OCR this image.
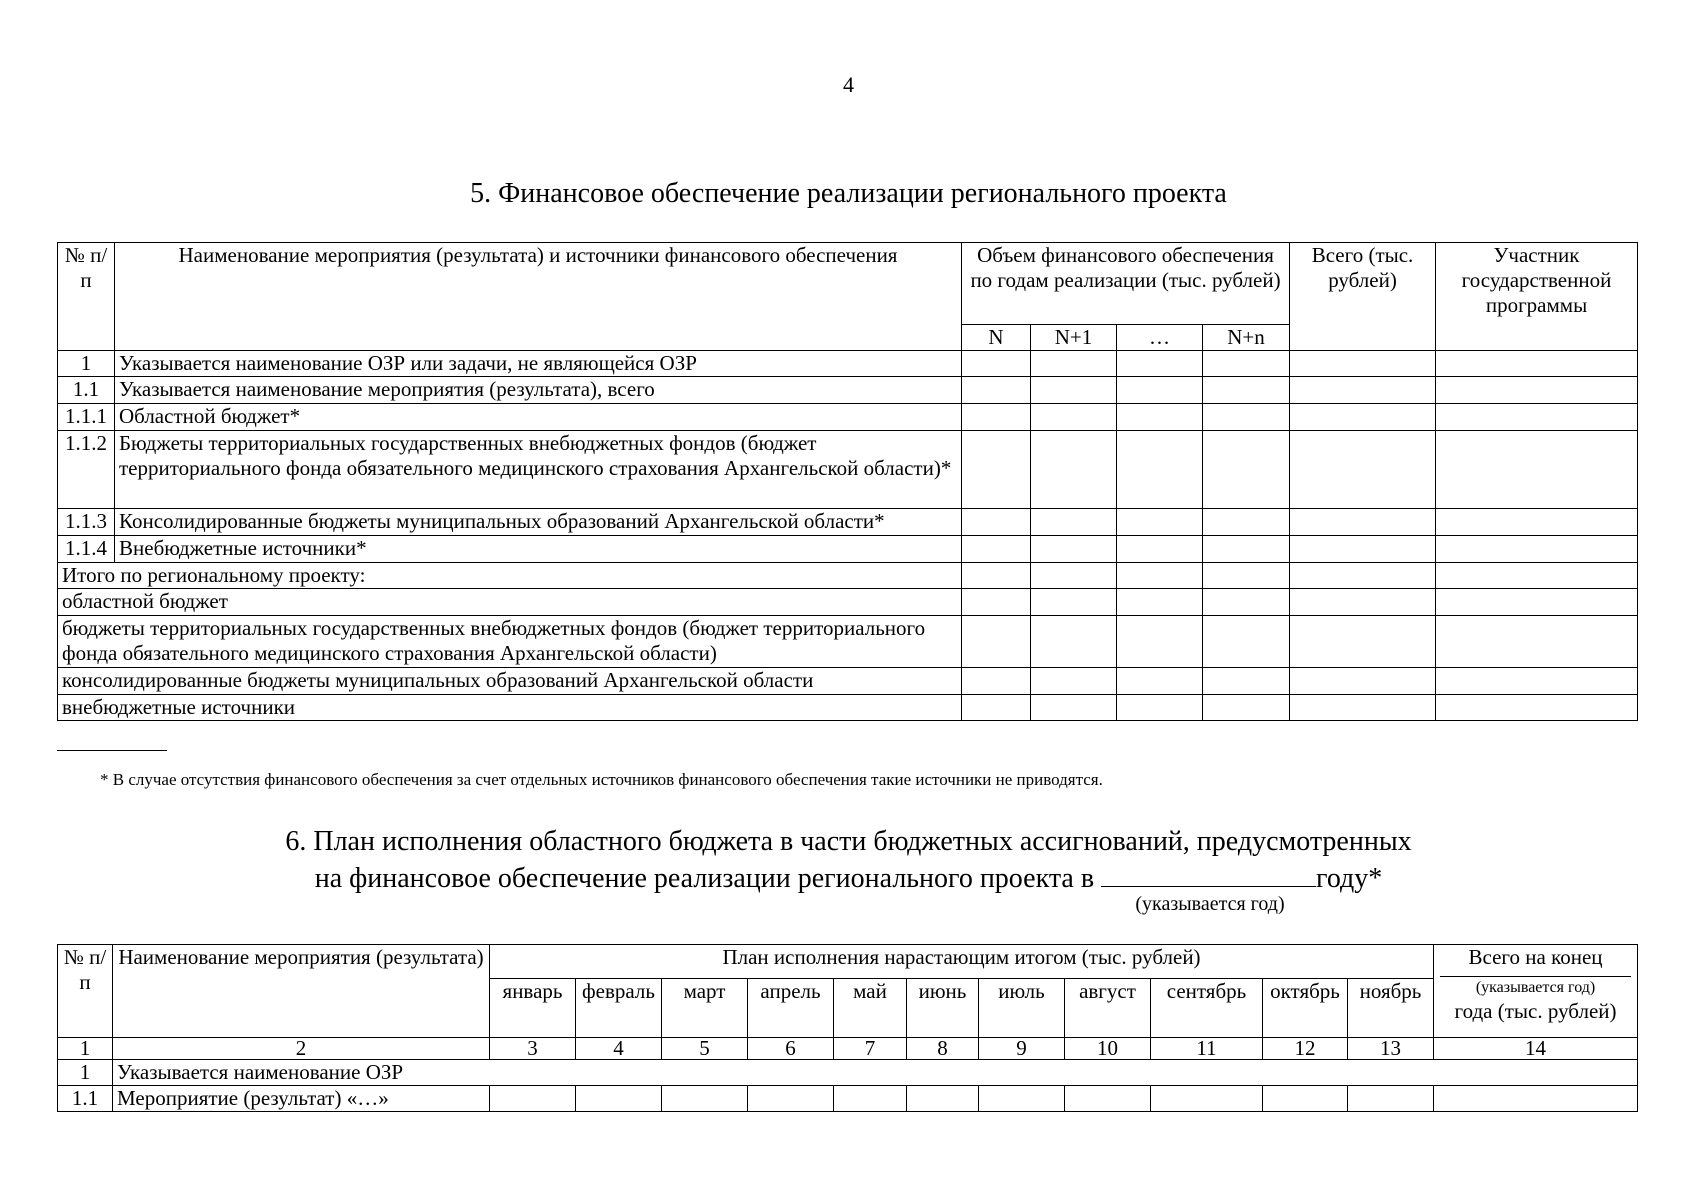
4
5. Финансовое обеспечение реализации регионального проекта
№ п/п	Наименование мероприятия (результата) и источники финансового обеспечения	Объем финансового обеспечения по годам реализации (тыс. рублей)				Всего (тыс. рублей)	Участник государственной программы
		N	N+1	…	N+n		
1	Указывается наименование ОЗР или задачи, не являющейся ОЗР						
1.1	Указывается наименование мероприятия (результата), всего						
1.1.1	Областной бюджет*						
1.1.2	Бюджеты территориальных государственных внебюджетных фондов (бюджет территориального фонда обязательного медицинского страхования Архангельской области)*						
1.1.3	Консолидированные бюджеты муниципальных образований Архангельской области*						
1.1.4	Внебюджетные источники*						
Итого по региональному проекту:							
областной бюджет							
бюджеты территориальных государственных внебюджетных фондов (бюджет территориального фонда обязательного медицинского страхования Архангельской области)							
консолидированные бюджеты муниципальных образований Архангельской области							
внебюджетные источники							
* В случае отсутствия финансового обеспечения за счет отдельных источников финансового обеспечения такие источники не приводятся.
6. План исполнения областного бюджета в части бюджетных ассигнований, предусмотренных
на финансовое обеспечение реализации регионального проекта в	году*
(указывается год)
№ п/п	Наименование мероприятия (результата)	План исполнения нарастающим итогом (тыс. рублей)											Всего на конец
(указывается год)
года (тыс. рублей)

		январь	февраль	март	апрель	май	июнь	июль	август	сентябрь	октябрь	ноябрь	
1	2	3	4	5	6	7	8	9	10	11	12	13	14
1	Указывается наименование ОЗР												
1.1	Мероприятие (результат) «…»												
